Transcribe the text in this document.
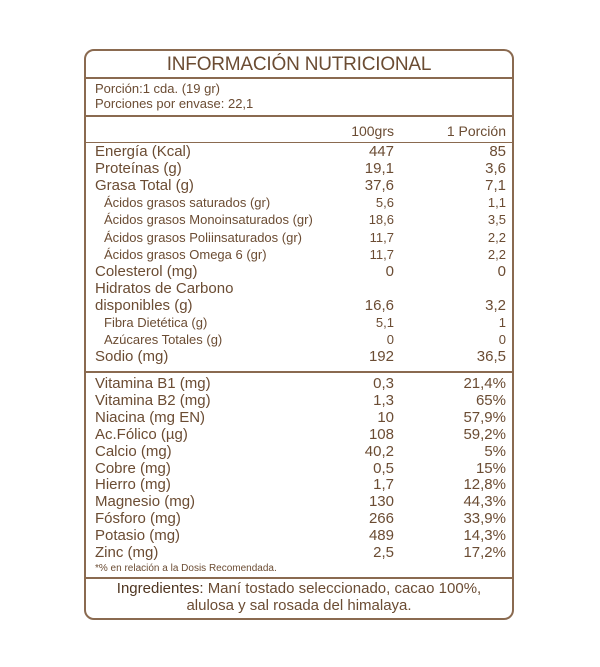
INFORMACIÓN NUTRICIONAL
Porción:1 cda. (19 gr)
Porciones por envase: 22,1
100grs	1 Porción
Energía (Kcal)	447	85
Proteínas (g)	19,1	3,6
Grasa Total (g)	37,6	7,1
Ácidos grasos saturados (gr)	5,6	1,1
Ácidos grasos Monoinsaturados (gr)	18,6	3,5
Ácidos grasos Poliinsaturados (gr)	11,7	2,2
Ácidos grasos Omega 6 (gr)	11,7	2,2
Colesterol (mg)	0	0
Hidratos de Carbono
disponibles (g)	16,6	3,2
Fibra Dietética (g)	5,1	1
Azúcares Totales (g)	0	0
Sodio (mg)	192	36,5
Vitamina B1 (mg)	0,3	21,4%
Vitamina B2 (mg)	1,3	65%
Niacina (mg EN)	10	57,9%
Ac.Fólico (µg)	108	59,2%
Calcio (mg)	40,2	5%
Cobre (mg)	0,5	15%
Hierro (mg)	1,7	12,8%
Magnesio (mg)	130	44,3%
Fósforo (mg)	266	33,9%
Potasio (mg)	489	14,3%
Zinc (mg)	2,5	17,2%
*% en relación a la Dosis Recomendada.
Ingredientes: Maní tostado seleccionado, cacao 100%,
alulosa y sal rosada del himalaya.
